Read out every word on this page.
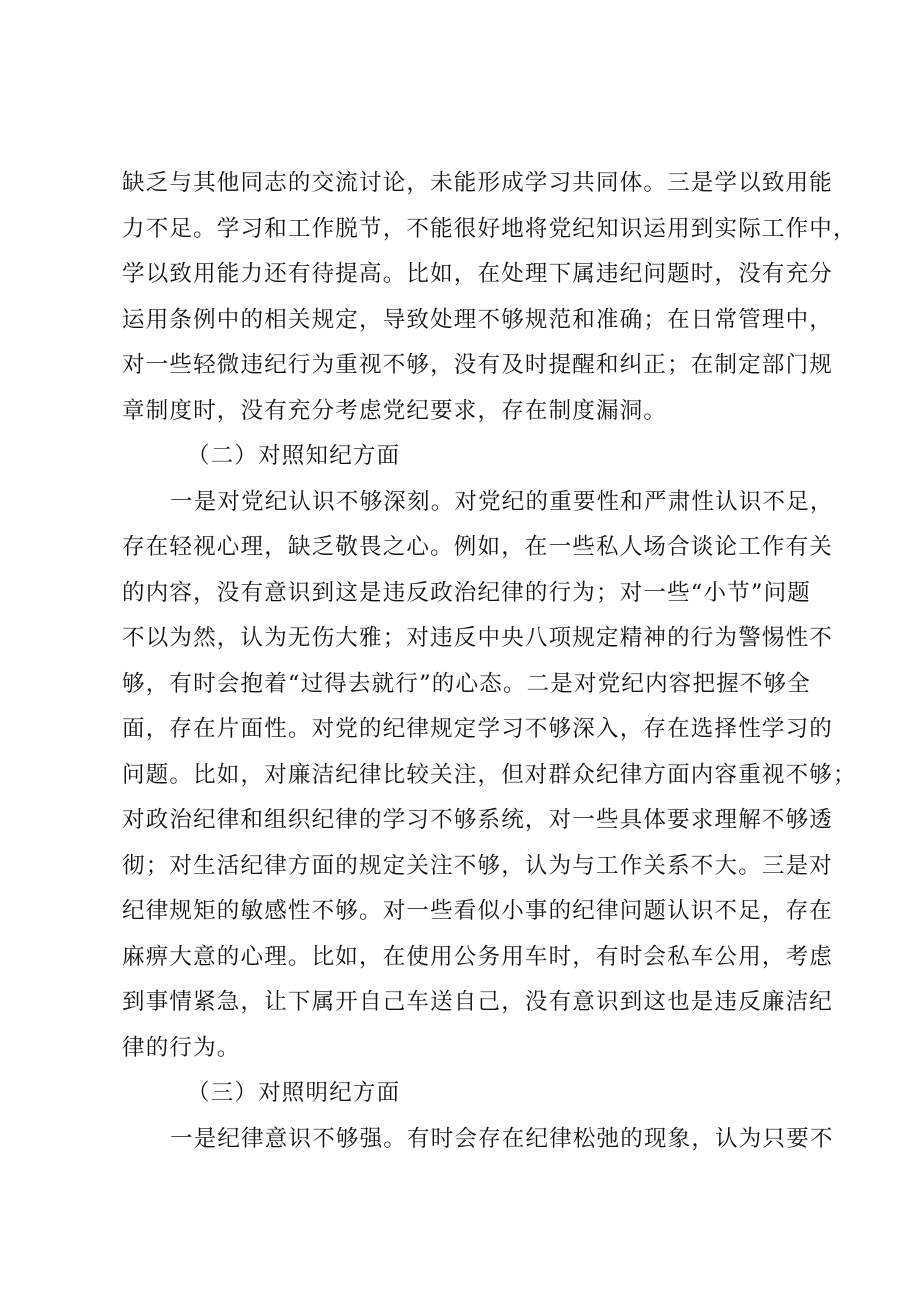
缺乏与其他同志的交流讨论，未能形成学习共同体。三是学以致用能
力不足。学习和工作脱节，不能很好地将党纪知识运用到实际工作中，
学以致用能力还有待提高。比如，在处理下属违纪问题时，没有充分
运用条例中的相关规定，导致处理不够规范和准确；在日常管理中，
对一些轻微违纪行为重视不够，没有及时提醒和纠正；在制定部门规
章制度时，没有充分考虑党纪要求，存在制度漏洞。
（二）对照知纪方面
一是对党纪认识不够深刻。对党纪的重要性和严肃性认识不足，
存在轻视心理，缺乏敬畏之心。例如，在一些私人场合谈论工作有关
的内容，没有意识到这是违反政治纪律的行为；对一些“小节”问题
不以为然，认为无伤大雅；对违反中央八项规定精神的行为警惕性不
够，有时会抱着“过得去就行”的心态。二是对党纪内容把握不够全
面，存在片面性。对党的纪律规定学习不够深入，存在选择性学习的
问题。比如，对廉洁纪律比较关注，但对群众纪律方面内容重视不够；
对政治纪律和组织纪律的学习不够系统，对一些具体要求理解不够透
彻；对生活纪律方面的规定关注不够，认为与工作关系不大。三是对
纪律规矩的敏感性不够。对一些看似小事的纪律问题认识不足，存在
麻痹大意的心理。比如，在使用公务用车时，有时会私车公用，考虑
到事情紧急，让下属开自己车送自己，没有意识到这也是违反廉洁纪
律的行为。
（三）对照明纪方面
一是纪律意识不够强。有时会存在纪律松弛的现象，认为只要不
